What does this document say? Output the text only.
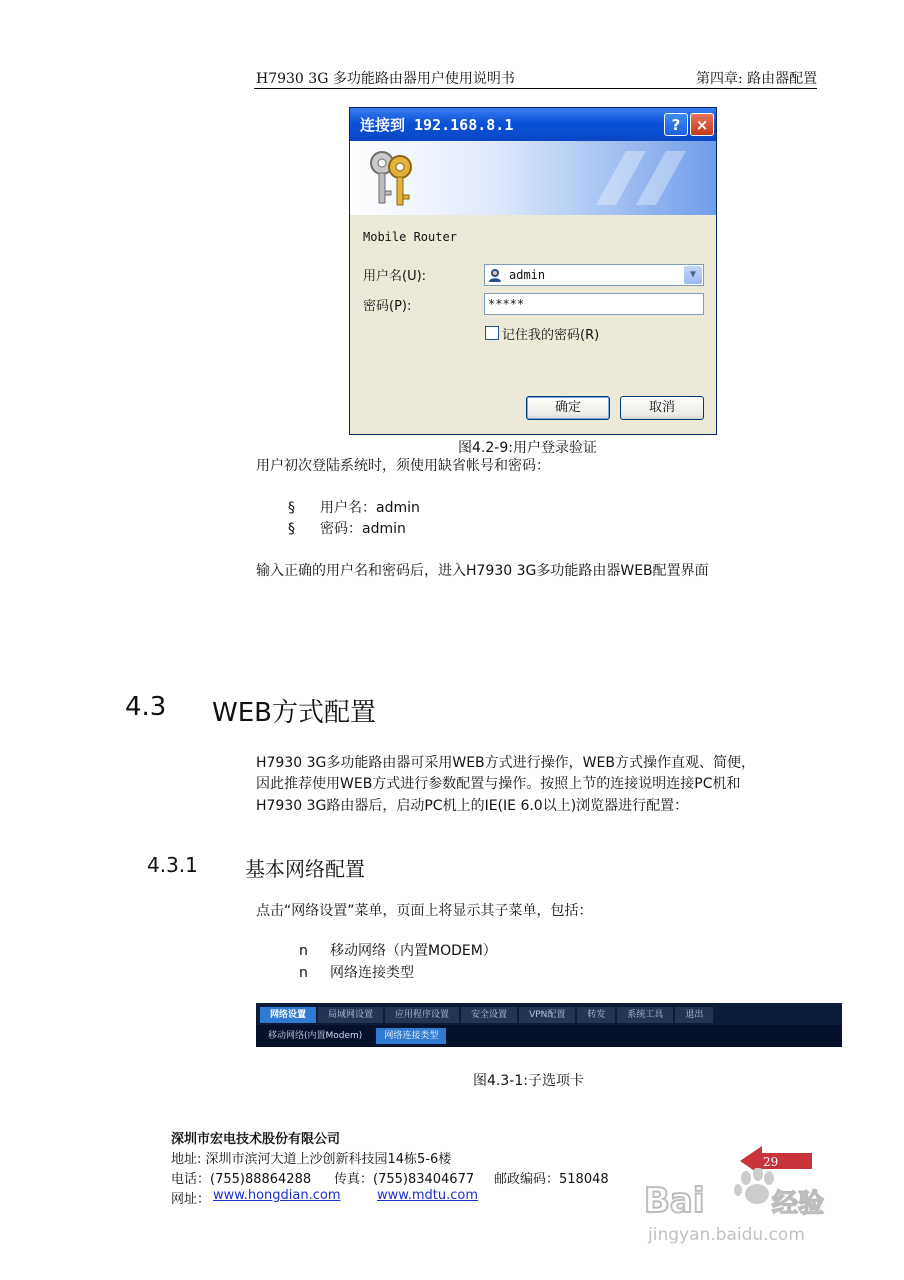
H7930 3G 多功能路由器用户使用说明书	第四章: 路由器配置
连接到 192.168.8.1	?	×
Mobile Router
用户名(U):	admin	▼
密码(P):	*****
记住我的密码(R)
确定	取消
图4.2-9:用户登录验证
用户初次登陆系统时，须使用缺省帐号和密码：
§ 用户名：admin
§ 密码：admin
输入正确的用户名和密码后，进入H7930 3G多功能路由器WEB配置界面
4.3 WEB方式配置
H7930 3G多功能路由器可采用WEB方式进行操作，WEB方式操作直观、简便，
因此推荐使用WEB方式进行参数配置与操作。按照上节的连接说明连接PC机和
H7930 3G路由器后，启动PC机上的IE(IE 6.0以上)浏览器进行配置：
4.3.1 基本网络配置
点击“网络设置”菜单，页面上将显示其子菜单，包括：
n 移动网络（内置MODEM）
n 网络连接类型
网络设置	局域网设置	应用程序设置	安全设置	VPN配置	转发	系统工具	退出
移动网络(内置Modem)	网络连接类型
图4.3-1:子选项卡
深圳市宏电技术股份有限公司
地址: 深圳市滨河大道上沙创新科技园14栋5-6楼
电话：(755)88864288 传真：(755)83404677 邮政编码：518048
网址： www.hongdian.com	www.mdtu.com
29
Bai	经验
jingyan.baidu.com
